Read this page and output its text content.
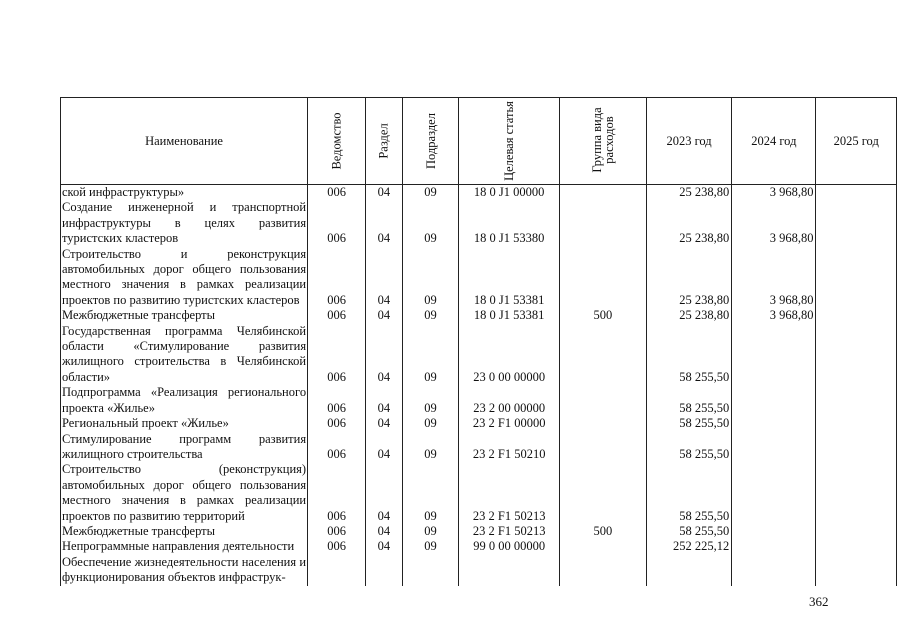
Наименование	Ведомство	Раздел	Подраздел	Целевая статья	Группа вида расходов	2023 год	2024 год	2025 год
ской инфраструктуры»	006	04	09	18 0 J1 00000		25 238,80	3 968,80	
Создание инженерной и транспортной инфраструктуры в целях развития туристских кластеров	006	04	09	18 0 J1 53380		25 238,80	3 968,80	
Строительство и реконструкция автомобильных дорог общего пользования местного значения в рамках реализации проектов по развитию туристских кластеров	006	04	09	18 0 J1 53381		25 238,80	3 968,80	
Межбюджетные трансферты	006	04	09	18 0 J1 53381	500	25 238,80	3 968,80	
Государственная программа Челябинской области «Стимулирование развития жилищного строительства в Челябинской области»	006	04	09	23 0 00 00000		58 255,50		
Подпрограмма «Реализация регионального проекта «Жилье»	006	04	09	23 2 00 00000		58 255,50		
Региональный проект «Жилье»	006	04	09	23 2 F1 00000		58 255,50		
Стимулирование программ развития жилищного строительства	006	04	09	23 2 F1 50210		58 255,50		
Строительство (реконструкция) автомобильных дорог общего пользования местного значения в рамках реализации проектов по развитию территорий	006	04	09	23 2 F1 50213		58 255,50		
Межбюджетные трансферты	006	04	09	23 2 F1 50213	500	58 255,50		
Непрограммные направления деятельности	006	04	09	99 0 00 00000		252 225,12		
Обеспечение жизнедеятельности населения и функционирования объектов инфраструк-								
362
